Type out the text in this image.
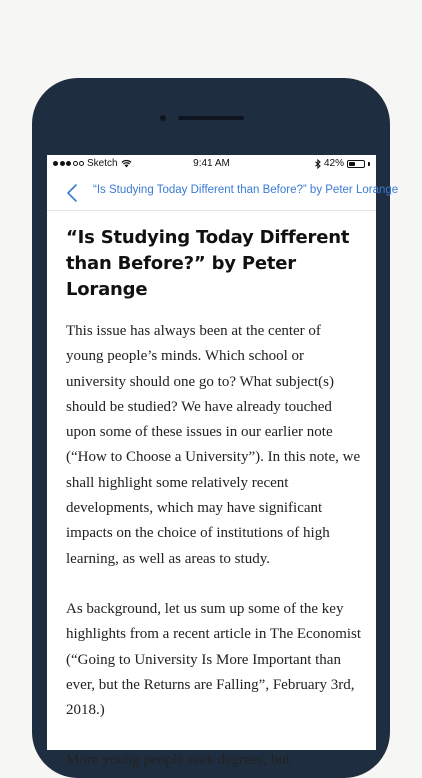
Sketch	9:41 AM	42%
“Is Studying Today Different than Before?” by Peter Lorange
“Is Studying Today Different than Before?” by Peter Lorange

This issue has always been at the center of young people’s minds. Which school or university should one go to? What subject(s) should be studied? We have already touched upon some of these issues in our earlier note (“How to Choose a University”). In this note, we shall highlight some relatively recent developments, which may have significant impacts on the choice of institutions of high learning, as well as areas to study.

As background, let us sum up some of the key highlights from a recent article in The Economist (“Going to University Is More Important than ever, but the Returns are Falling”, February 3rd, 2018.)

More young people seek degrees, but
